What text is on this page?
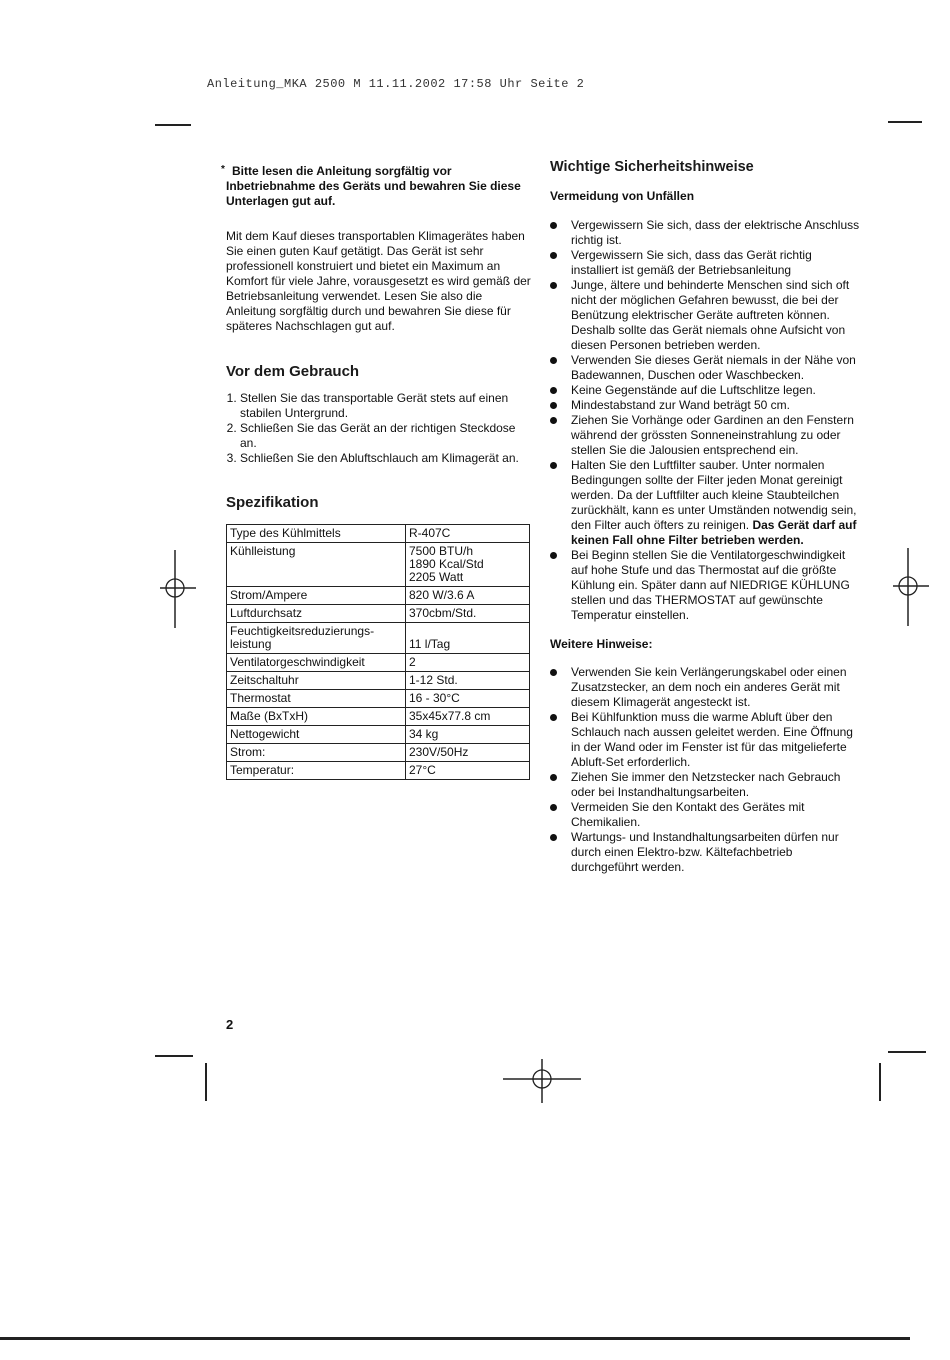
Anleitung_MKA 2500 M 11.11.2002 17:58 Uhr Seite 2
* Bitte lesen die Anleitung sorgfältig vor Inbetriebnahme des Geräts und bewahren Sie diese Unterlagen gut auf.

Mit dem Kauf dieses transportablen Klimagerätes haben Sie einen guten Kauf getätigt. Das Gerät ist sehr professionell konstruiert und bietet ein Maximum an Komfort für viele Jahre, vorausgesetzt es wird gemäß der Betriebsanleitung verwendet. Lesen Sie also die Anleitung sorgfältig durch und bewahren Sie diese für späteres Nachschlagen gut auf.

Vor dem Gebrauch
1. Stellen Sie das transportable Gerät stets auf einen stabilen Untergrund.
2. Schließen Sie das Gerät an der richtigen Steckdose an.
3. Schließen Sie den Abluftschlauch am Klimagerät an.
Spezifikation
Type des Kühlmittels	R-407C
Kühlleistung	7500 BTU/h
1890 Kcal/Std
2205 Watt
Strom/Ampere	820 W/3.6 A
Luftdurchsatz	370cbm/Std.
Feuchtigkeitsreduzierungs-
leistung	11 l/Tag
Ventilatorgeschwindigkeit	2
Zeitschaltuhr	1-12 Std.
Thermostat	16 - 30°C
Maße (BxTxH)	35x45x77.8 cm
Nettogewicht	34 kg
Strom:	230V/50Hz
Temperatur:	27°C
Wichtige Sicherheitshinweise
Vermeidung von Unfällen
Vergewissern Sie sich, dass der elektrische Anschluss richtig ist.
Vergewissern Sie sich, dass das Gerät richtig installiert ist gemäß der Betriebsanleitung
Junge, ältere und behinderte Menschen sind sich oft nicht der möglichen Gefahren bewusst, die bei der Benützung elektrischer Geräte auftreten können. Deshalb sollte das Gerät niemals ohne Aufsicht von diesen Personen betrieben werden.
Verwenden Sie dieses Gerät niemals in der Nähe von Badewannen, Duschen oder Waschbecken.
Keine Gegenstände auf die Luftschlitze legen.
Mindestabstand zur Wand beträgt 50 cm.
Ziehen Sie Vorhänge oder Gardinen an den Fenstern während der grössten Sonneneinstrahlung zu oder stellen Sie die Jalousien entsprechend ein.
Halten Sie den Luftfilter sauber. Unter normalen Bedingungen sollte der Filter jeden Monat gereinigt werden. Da der Luftfilter auch kleine Staubteilchen zurückhält, kann es unter Umständen notwendig sein, den Filter auch öfters zu reinigen. Das Gerät darf auf keinen Fall ohne Filter betrieben werden.
Bei Beginn stellen Sie die Ventilatorgeschwindigkeit auf hohe Stufe und das Thermostat auf die größte Kühlung ein. Später dann auf NIEDRIGE KÜHLUNG stellen und das THERMOSTAT auf gewünschte Temperatur einstellen.
Weitere Hinweise:
Verwenden Sie kein Verlängerungskabel oder einen Zusatzstecker, an dem noch ein anderes Gerät mit diesem Klimagerät angesteckt ist.
Bei Kühlfunktion muss die warme Abluft über den Schlauch nach aussen geleitet werden. Eine Öffnung in der Wand oder im Fenster ist für das mitgelieferte Abluft-Set erforderlich.
Ziehen Sie immer den Netzstecker nach Gebrauch oder bei Instandhaltungsarbeiten.
Vermeiden Sie den Kontakt des Gerätes mit Chemikalien.
Wartungs- und Instandhaltungsarbeiten dürfen nur durch einen Elektro-bzw. Kältefachbetrieb durchgeführt werden.
2
